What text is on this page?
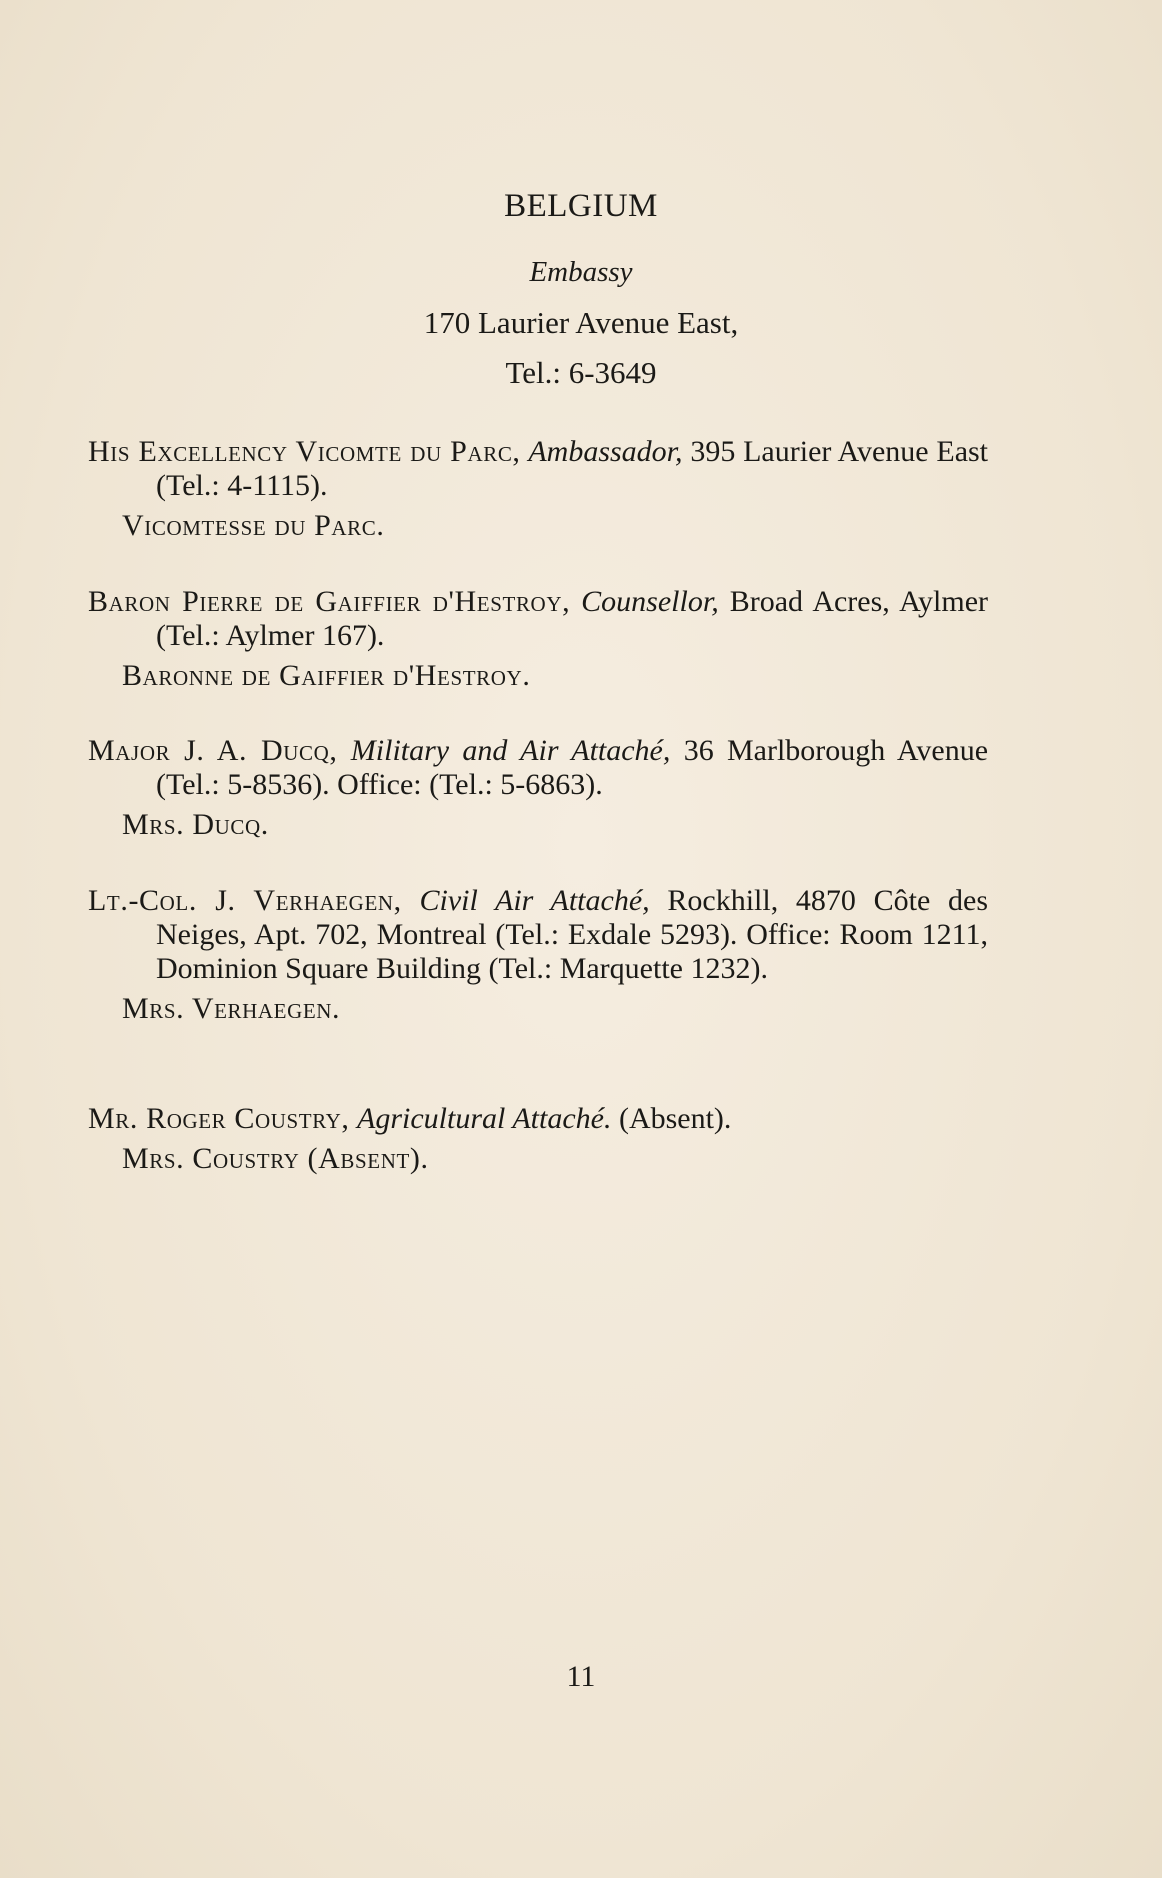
BELGIUM
Embassy
170 Laurier Avenue East,
Tel.: 6-3649

His Excellency Vicomte du Parc, Ambassador, 395 Laurier Avenue East (Tel.: 4-1115).

Vicomtesse du Parc.

Baron Pierre de Gaiffier d'Hestroy, Counsellor, Broad Acres, Aylmer (Tel.: Aylmer 167).

Baronne de Gaiffier d'Hestroy.

Major J. A. Ducq, Military and Air Attaché, 36 Marlborough Avenue (Tel.: 5-8536). Office: (Tel.: 5-6863).

Mrs. Ducq.

Lt.-Col. J. Verhaegen, Civil Air Attaché, Rockhill, 4870 Côte des Neiges, Apt. 702, Montreal (Tel.: Exdale 5293). Office: Room 1211, Dominion Square Building (Tel.: Marquette 1232).

Mrs. Verhaegen.

Mr. Roger Coustry, Agricultural Attaché. (Absent).

Mrs. Coustry (Absent).

11
